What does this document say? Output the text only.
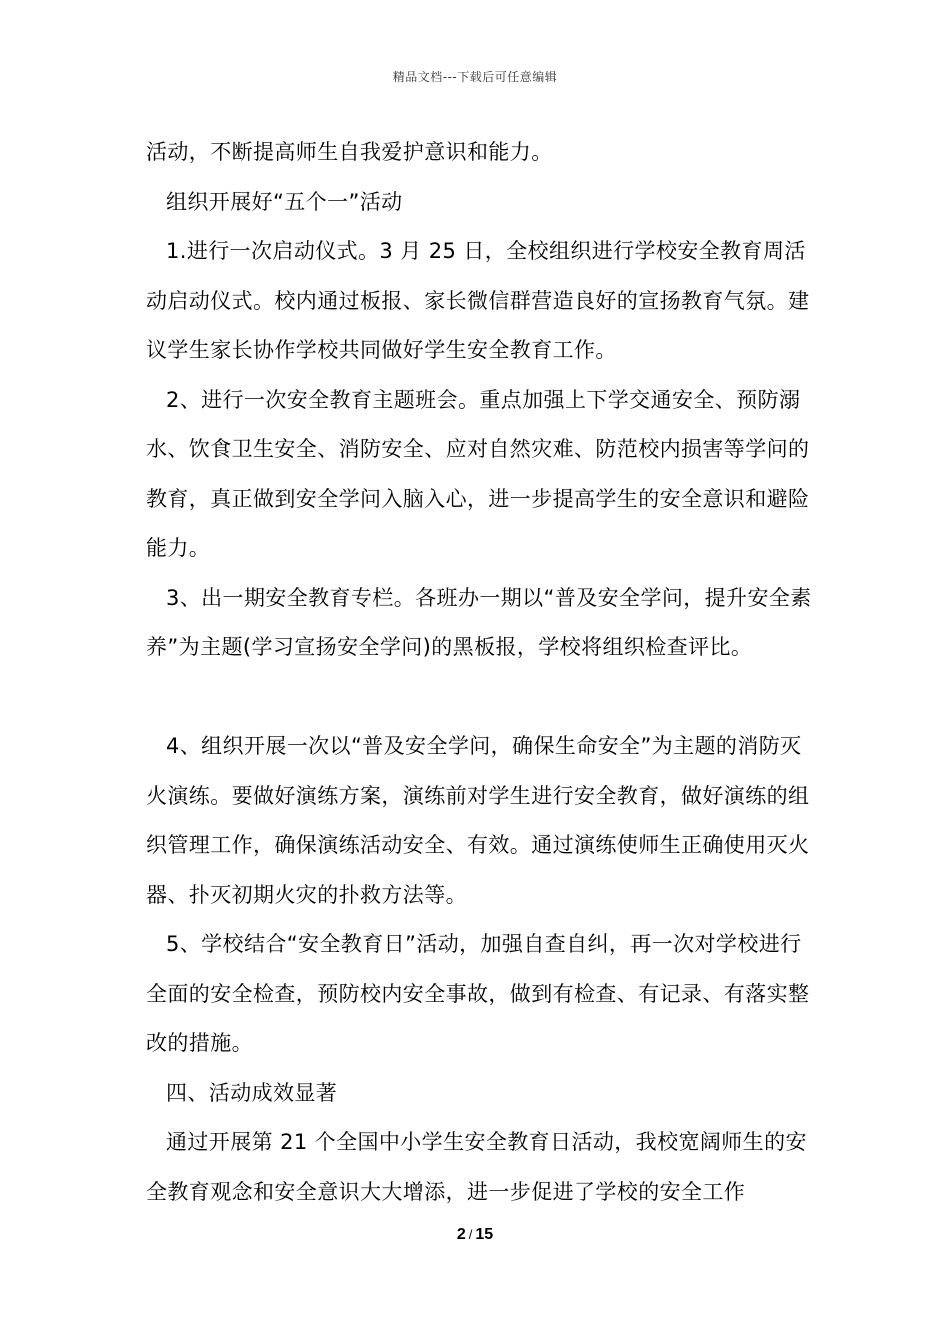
精品文档---下载后可任意编辑

活动，不断提高师生自我爱护意识和能力。

组织开展好“五个一”活动

1.进行一次启动仪式。3 月 25 日，全校组织进行学校安全教育周活动启动仪式。校内通过板报、家长微信群营造良好的宣扬教育气氛。建议学生家长协作学校共同做好学生安全教育工作。

2、进行一次安全教育主题班会。重点加强上下学交通安全、预防溺水、饮食卫生安全、消防安全、应对自然灾难、防范校内损害等学问的教育，真正做到安全学问入脑入心，进一步提高学生的安全意识和避险能力。

3、出一期安全教育专栏。各班办一期以“普及安全学问，提升安全素养”为主题(学习宣扬安全学问)的黑板报，学校将组织检查评比。

4、组织开展一次以“普及安全学问，确保生命安全”为主题的消防灭火演练。要做好演练方案，演练前对学生进行安全教育，做好演练的组织管理工作，确保演练活动安全、有效。通过演练使师生正确使用灭火器、扑灭初期火灾的扑救方法等。

5、学校结合“安全教育日”活动，加强自查自纠，再一次对学校进行全面的安全检查，预防校内安全事故，做到有检查、有记录、有落实整改的措施。

四、活动成效显著

通过开展第 21 个全国中小学生安全教育日活动，我校宽阔师生的安全教育观念和安全意识大大增添，进一步促进了学校的安全工作

2 / 15
